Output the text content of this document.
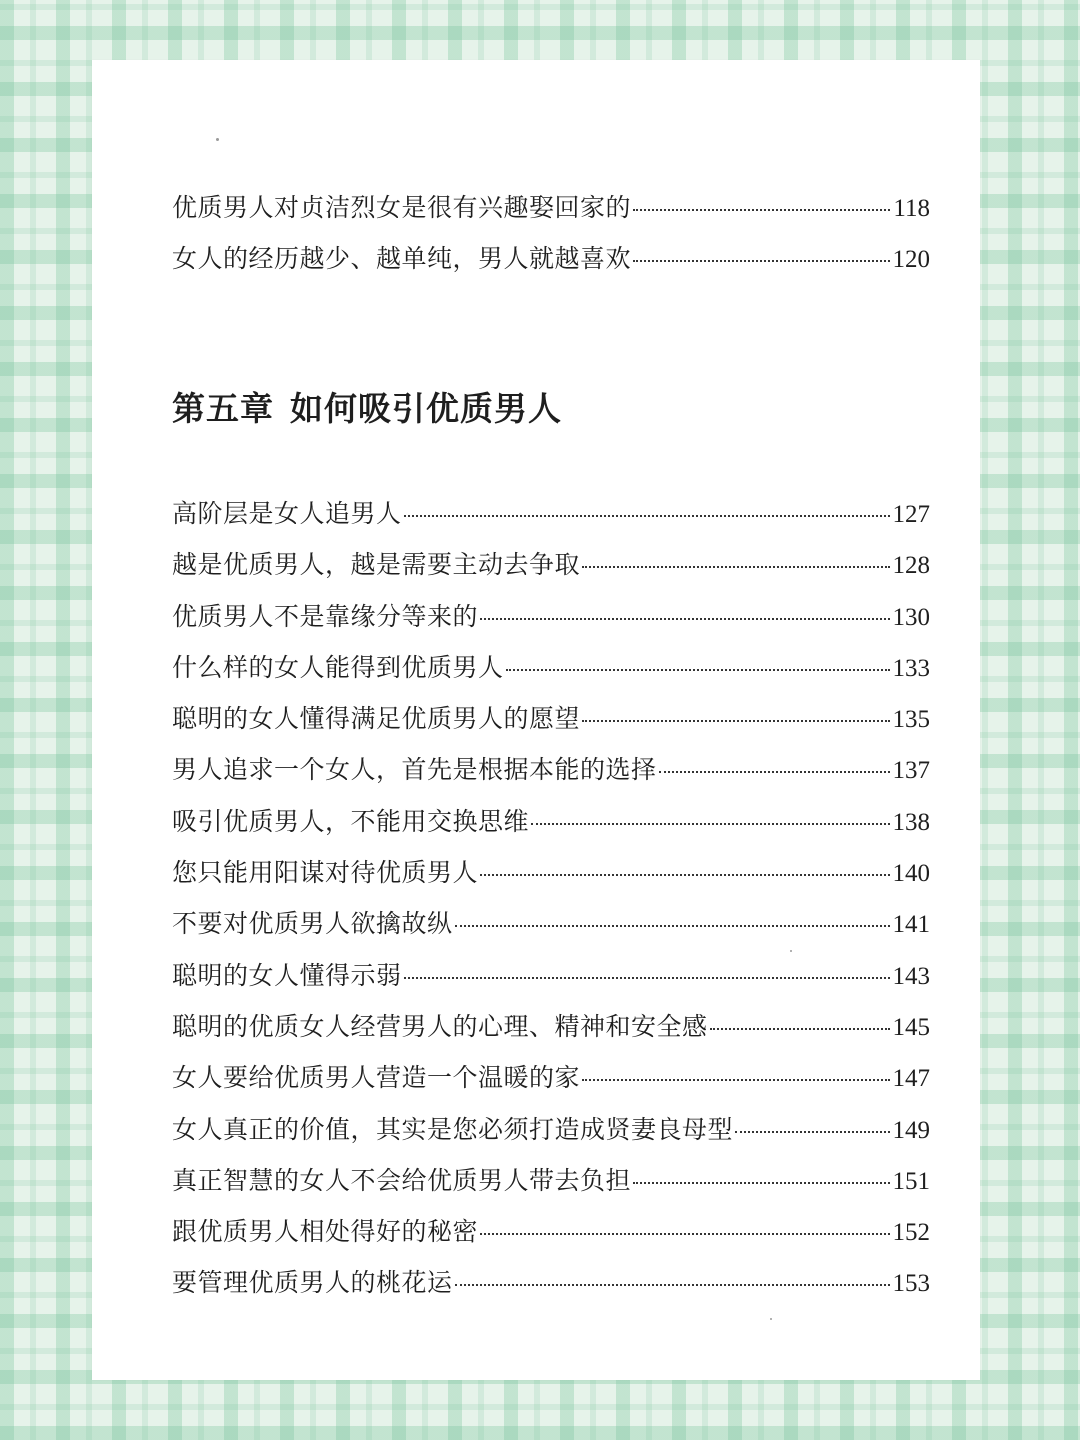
优质男人对贞洁烈女是很有兴趣娶回家的	118
女人的经历越少、越单纯，男人就越喜欢	120
第五章 如何吸引优质男人
高阶层是女人追男人	127
越是优质男人，越是需要主动去争取	128
优质男人不是靠缘分等来的	130
什么样的女人能得到优质男人	133
聪明的女人懂得满足优质男人的愿望	135
男人追求一个女人，首先是根据本能的选择	137
吸引优质男人，不能用交换思维	138
您只能用阳谋对待优质男人	140
不要对优质男人欲擒故纵	141
聪明的女人懂得示弱	143
聪明的优质女人经营男人的心理、精神和安全感	145
女人要给优质男人营造一个温暖的家	147
女人真正的价值，其实是您必须打造成贤妻良母型	149
真正智慧的女人不会给优质男人带去负担	151
跟优质男人相处得好的秘密	152
要管理优质男人的桃花运	153
